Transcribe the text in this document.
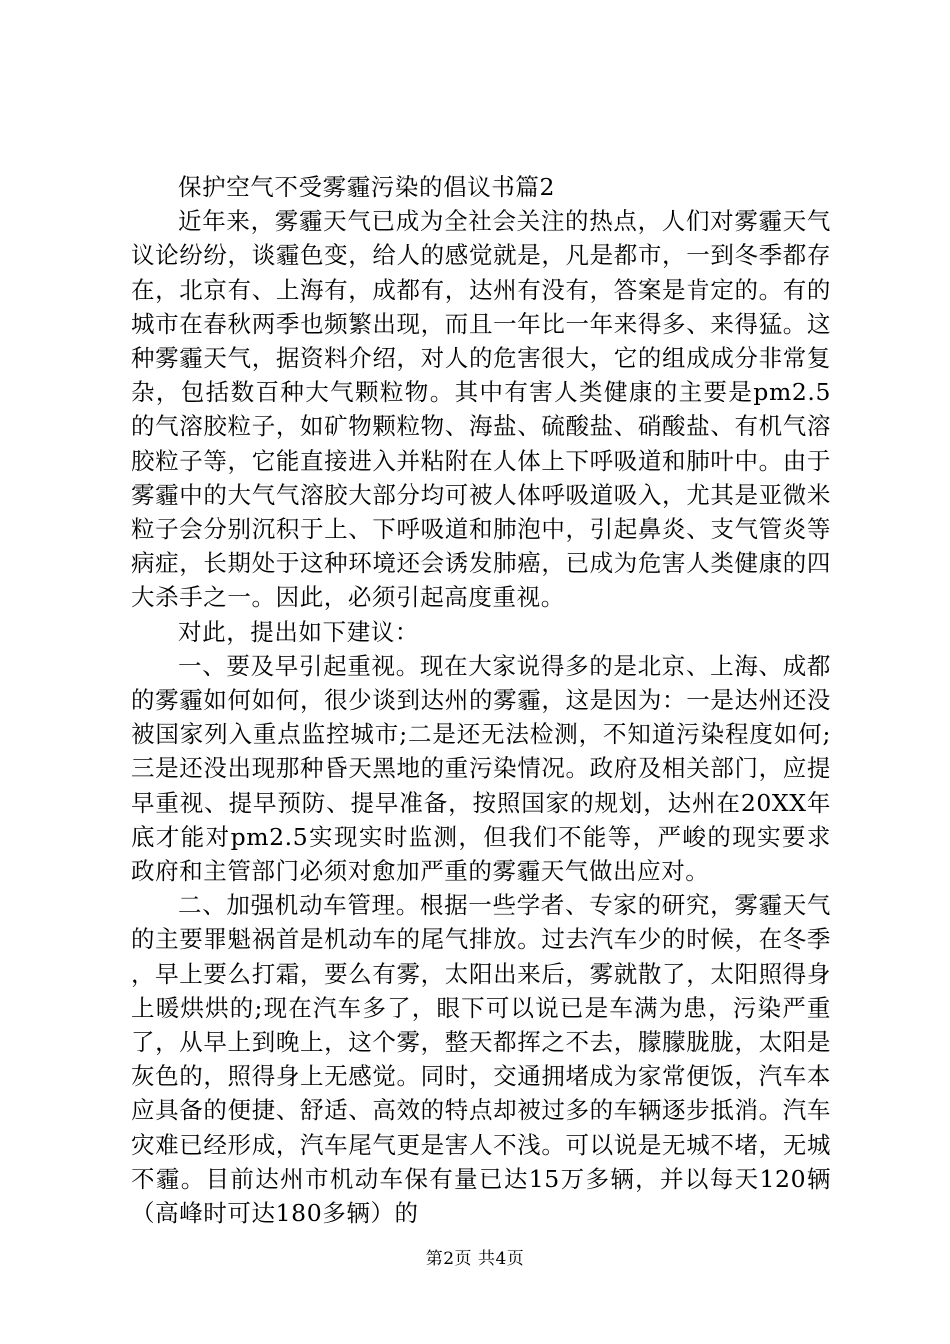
保护空气不受雾霾污染的倡议书篇2

近年来，雾霾天气已成为全社会关注的热点，人们对雾霾天气议论纷纷，谈霾色变，给人的感觉就是，凡是都市，一到冬季都存在，北京有、上海有，成都有，达州有没有，答案是肯定的。有的城市在春秋两季也频繁出现，而且一年比一年来得多、来得猛。这种雾霾天气，据资料介绍，对人的危害很大，它的组成成分非常复杂，包括数百种大气颗粒物。其中有害人类健康的主要是pm2.5的气溶胶粒子，如矿物颗粒物、海盐、硫酸盐、硝酸盐、有机气溶胶粒子等，它能直接进入并粘附在人体上下呼吸道和肺叶中。由于雾霾中的大气气溶胶大部分均可被人体呼吸道吸入，尤其是亚微米粒子会分别沉积于上、下呼吸道和肺泡中，引起鼻炎、支气管炎等病症，长期处于这种环境还会诱发肺癌，已成为危害人类健康的四大杀手之一。因此，必须引起高度重视。

对此，提出如下建议：

一、要及早引起重视。现在大家说得多的是北京、上海、成都的雾霾如何如何，很少谈到达州的雾霾，这是因为：一是达州还没被国家列入重点监控城市;二是还无法检测，不知道污染程度如何;三是还没出现那种昏天黑地的重污染情况。政府及相关部门，应提早重视、提早预防、提早准备，按照国家的规划，达州在20XX年底才能对pm2.5实现实时监测，但我们不能等，严峻的现实要求政府和主管部门必须对愈加严重的雾霾天气做出应对。

二、加强机动车管理。根据一些学者、专家的研究，雾霾天气的主要罪魁祸首是机动车的尾气排放。过去汽车少的时候，在冬季，早上要么打霜，要么有雾，太阳出来后，雾就散了，太阳照得身上暖烘烘的;现在汽车多了，眼下可以说已是车满为患，污染严重了，从早上到晚上，这个雾，整天都挥之不去，朦朦胧胧，太阳是灰色的，照得身上无感觉。同时，交通拥堵成为家常便饭，汽车本应具备的便捷、舒适、高效的特点却被过多的车辆逐步抵消。汽车灾难已经形成，汽车尾气更是害人不浅。可以说是无城不堵，无城不霾。目前达州市机动车保有量已达15万多辆，并以每天120辆（高峰时可达180多辆）的

第2页 共4页
